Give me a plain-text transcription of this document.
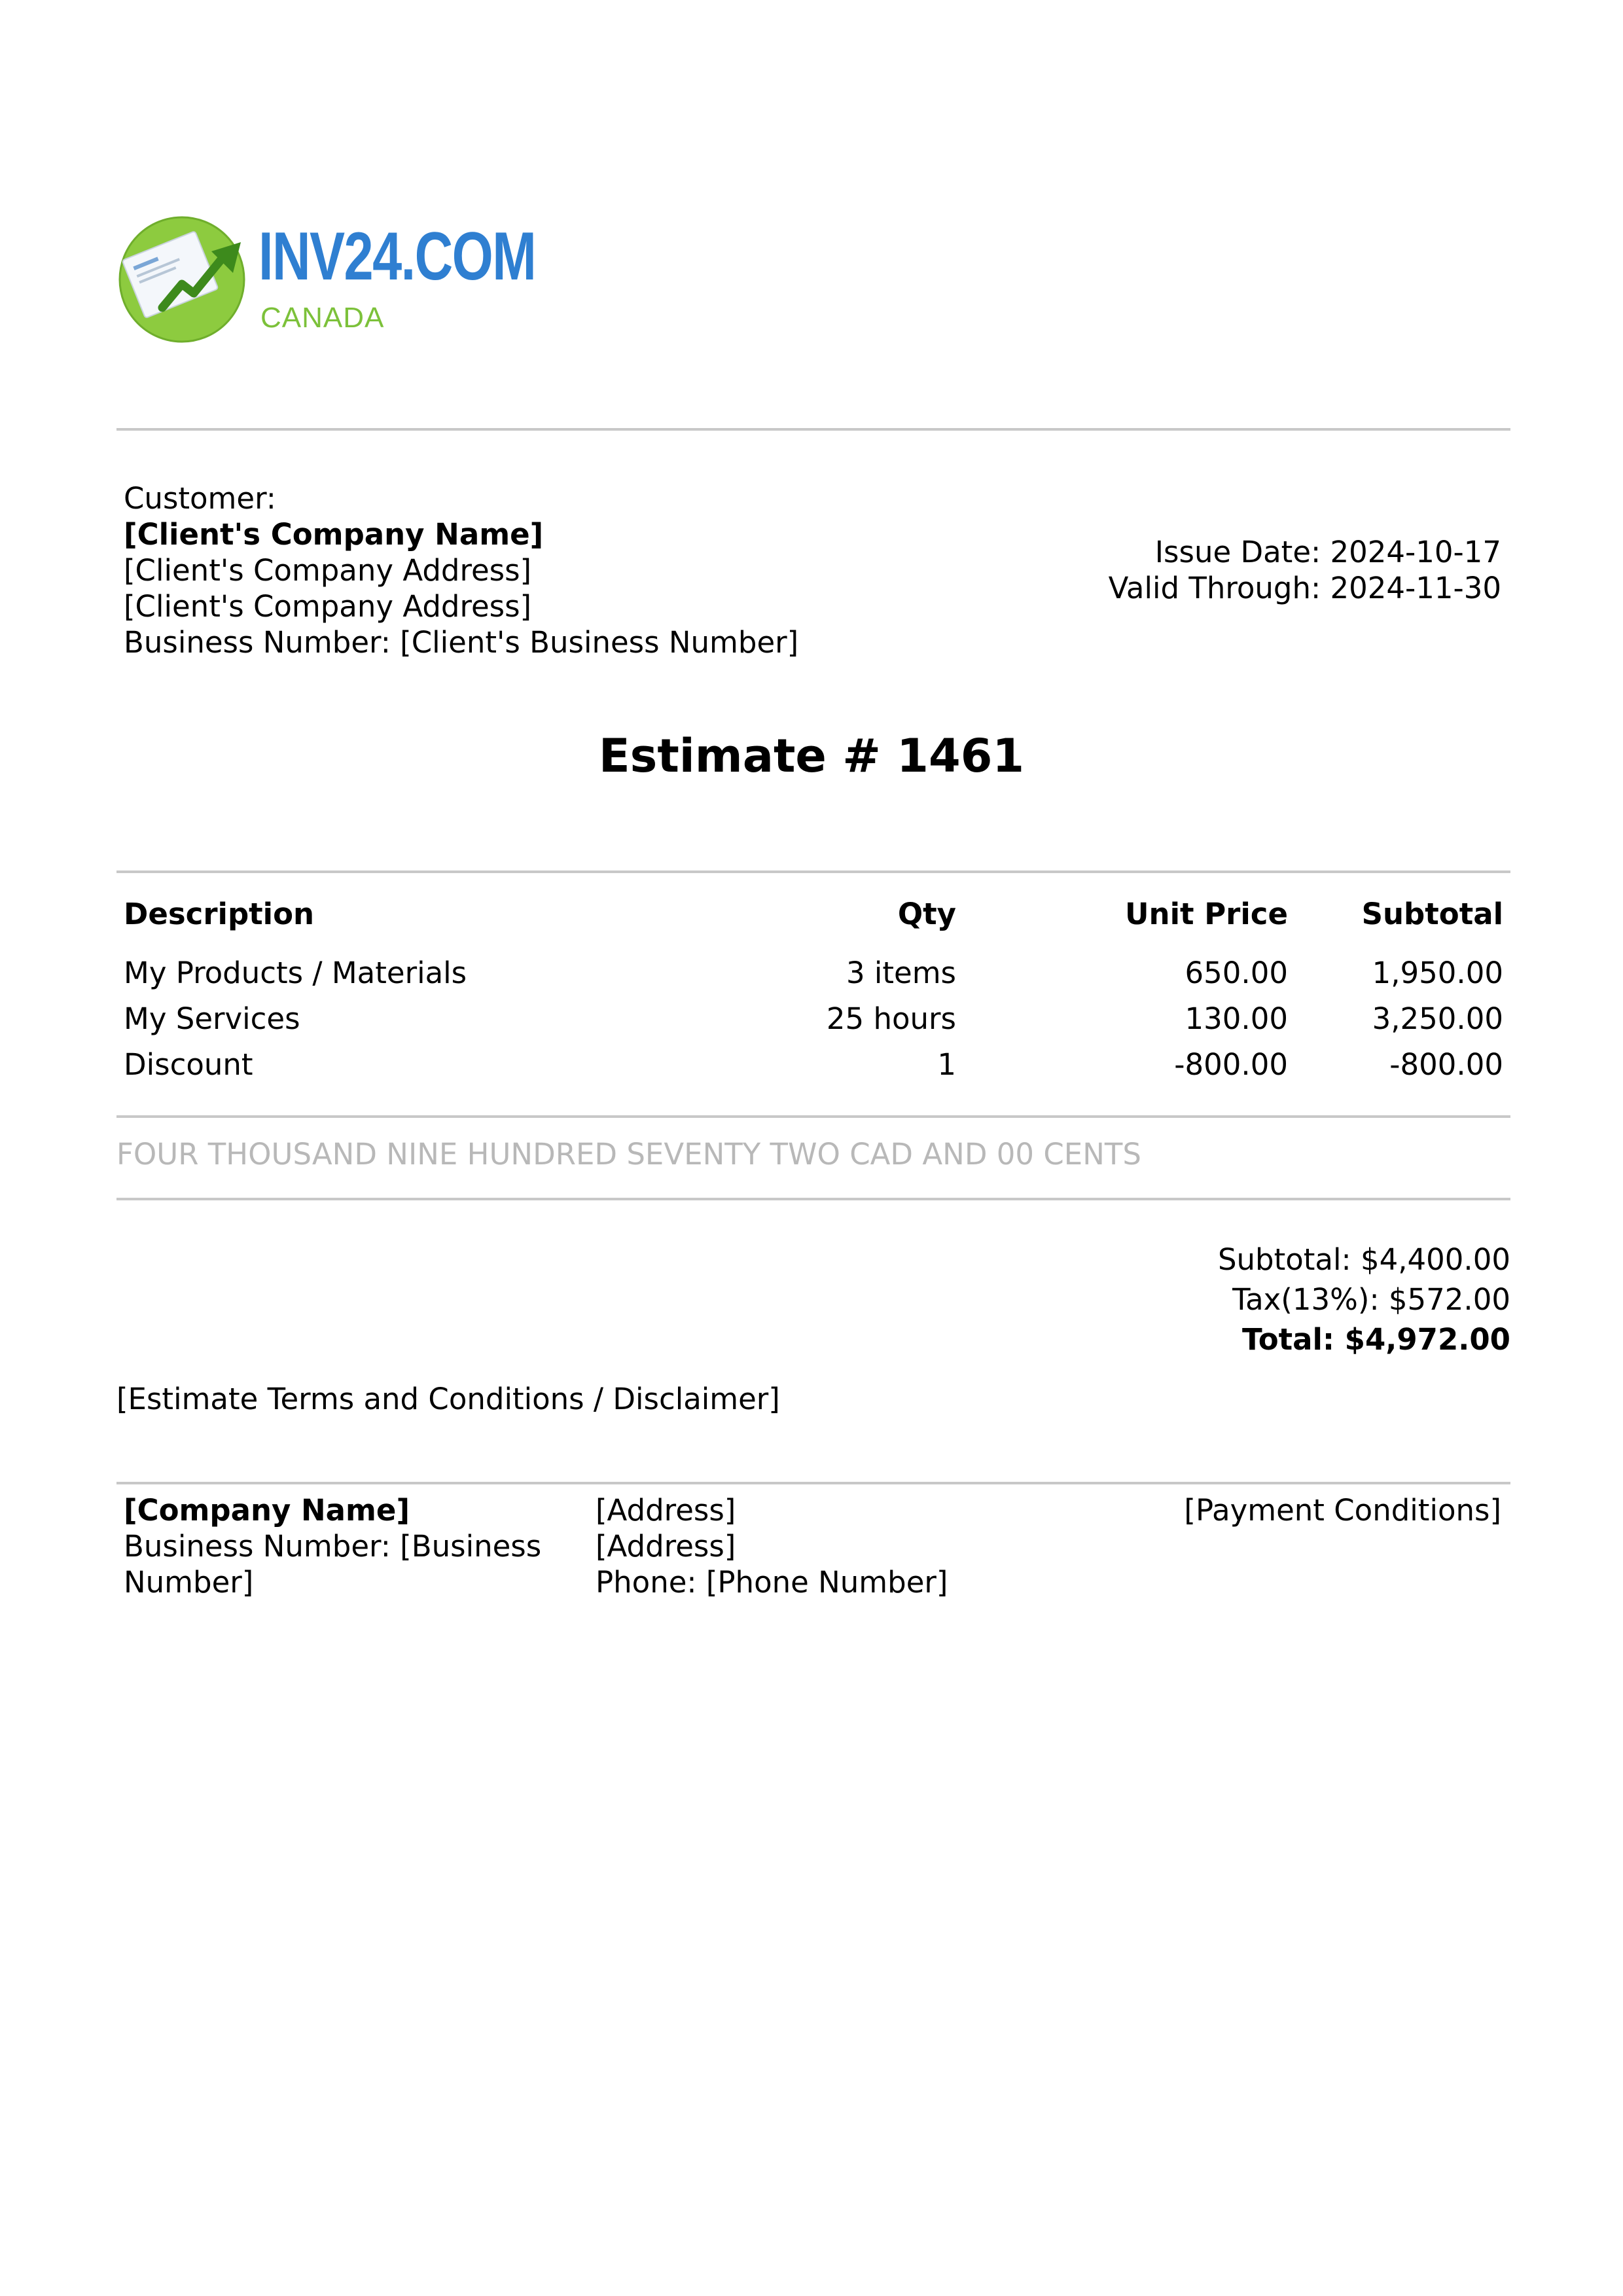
INV24.COM
CANADA
Customer:
[Client's Company Name]
[Client's Company Address]
[Client's Company Address]
Business Number: [Client's Business Number]
Issue Date: 2024-10-17
Valid Through: 2024-11-30
Estimate # 1461
Description	Qty	Unit Price	Subtotal
My Products / Materials	3 items	650.00	1,950.00
My Services	25 hours	130.00	3,250.00
Discount	1	-800.00	-800.00
FOUR THOUSAND NINE HUNDRED SEVENTY TWO CAD AND 00 CENTS
Subtotal: $4,400.00
Tax(13%): $572.00
Total: $4,972.00
[Estimate Terms and Conditions / Disclaimer]
[Company Name]
Business Number: [Business Number]
[Address]
[Address]
Phone: [Phone Number]
[Payment Conditions]
